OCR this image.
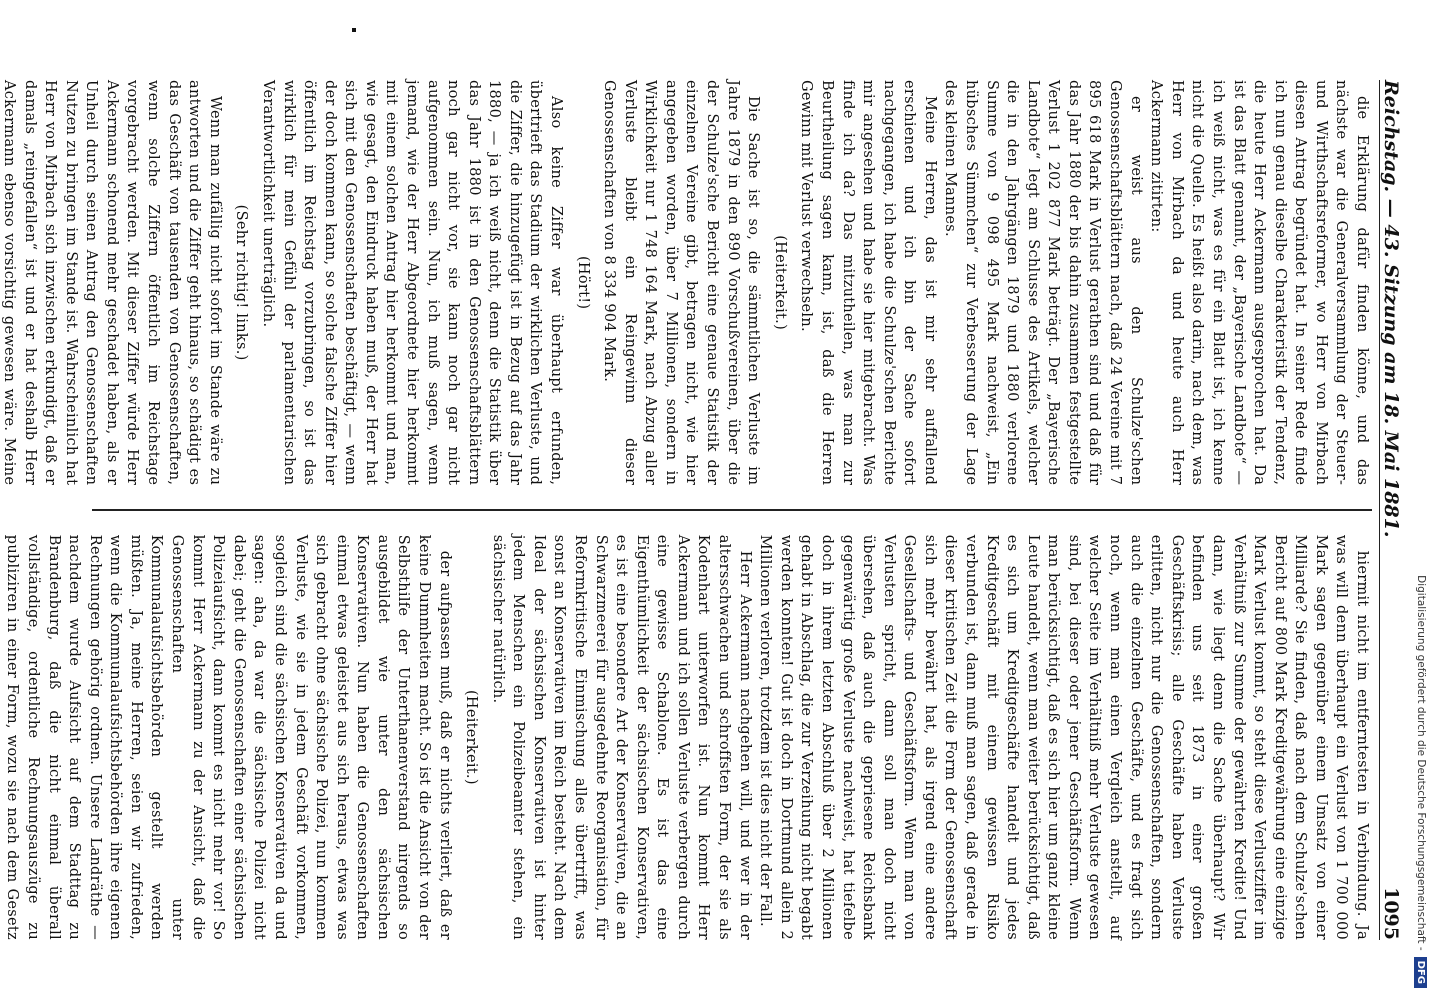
Reichstag. — 43. Sitzung am 18. Mai 1881.
1095

die Erklärung dafür finden könne, und das nächste war die Generalversammlung der Steuer- und Wirthschaftsreformer, wo Herr von Mirbach diesen Antrag begründet hat. In seiner Rede finde ich nun genau dieselbe Charakteristik der Tendenz, die heute Herr Ackermann ausgesprochen hat. Da ist das Blatt genannt, der „Bayerische Landbote“ — ich weiß nicht, was es für ein Blatt ist, ich kenne nicht die Quelle. Es heißt also darin, nach dem, was Herr von Mirbach da und heute auch Herr Ackermann zitirten:

er weist aus den Schulze'schen Genossenschaftsblättern nach, daß 24 Vereine mit 7 895 618 Mark in Verlust gerathen sind und daß für das Jahr 1880 der bis dahin zusammen festgestellte Verlust 1 202 877 Mark beträgt. Der „Bayerische Landbote“ legt am Schlusse des Artikels, welcher die in den Jahrgängen 1879 und 1880 verlorene Summe von 9 098 495 Mark nachweist, „Ein hübsches Sümmchen“ zur Verbesserung der Lage des kleinen Mannes.

Meine Herren, das ist mir sehr auffallend erschienen und ich bin der Sache sofort nachgegangen, ich habe die Schulze'schen Berichte mir angesehen und habe sie hier mitgebracht. Was finde ich da? Das mitzutheilen, was man zur Beurtheilung sagen kann, ist, daß die Herren Gewinn mit Verlust verwechseln.

(Heiterkeit.)

Die Sache ist so, die sämmtlichen Verluste im Jahre 1879 in den 890 Vorschußvereinen, über die der Schulze'sche Bericht eine genaue Statistik der einzelnen Vereine gibt, betragen nicht, wie hier angegeben worden, über 7 Millionen, sondern in Wirklichkeit nur 1 748 164 Mark, nach Abzug aller Verluste bleibt ein Reingewinn dieser Genossenschaften von 8 334 904 Mark.

(Hört!)

Also keine Ziffer war überhaupt erfunden, übertrieft das Stadium der wirklichen Verluste, und die Ziffer, die hinzugefügt ist in Bezug auf das Jahr 1880, — ja ich weiß nicht, denn die Statistik über das Jahr 1880 ist in den Genossenschaftsblättern noch gar nicht vor, sie kann noch gar nicht aufgenommen sein. Nun, ich muß sagen, wenn jemand, wie der Herr Abgeordnete hier herkommt mit einem solchen Antrag hier herkommt und man, wie gesagt, den Eindruck haben muß, der Herr hat sich mit den Genossenschaften beschäftigt, — wenn der doch kommen kann, so solche falsche Ziffer hier öffentlich im Reichstag vorzubringen, so ist das wirklich für mein Gefühl der parlamentarischen Verantwortlichkeit unerträglich.

(Sehr richtig! links.)

Wenn man zufällig nicht sofort im Stande wäre zu antworten und die Ziffer geht hinaus, so schädigt es das Geschäft von tausenden von Genossenschaften, wenn solche Ziffern öffentlich im Reichstage vorgebracht werden. Mit dieser Ziffer würde Herr Ackermann schonend mehr geschadet haben, als er Unheil durch seinen Antrag den Genossenschaften Nutzen zu bringen im Stande ist. Wahrscheinlich hat Herr von Mirbach sich inzwischen erkundigt, daß er damals „reingefallen“ ist und er hat deshalb Herr Ackermann ebenso vorsichtig gewesen wäre. Meine

hiermit nicht im entferntesten in Verbindung. Ja was will denn überhaupt ein Verlust von 1 700 000 Mark sagen gegenüber einem Umsatz von einer Milliarde? Sie finden, daß nach dem Schulze'schen Bericht auf 800 Mark Kreditgewährung eine einzige Mark Verlust kommt, so steht diese Verlustziffer im Verhältniß zur Summe der gewährten Kredite! Und dann, wie liegt denn die Sache überhaupt? Wir befinden uns seit 1873 in einer großen Geschäftskrisis; alle Geschäfte haben Verluste erlitten, nicht nur die Genossenschaften, sondern auch die einzelnen Geschäfte, und es fragt sich noch, wenn man einen Vergleich anstellt, auf welcher Seite im Verhältniß mehr Verluste gewesen sind, bei dieser oder jener Geschäftsform. Wenn man berücksichtigt, daß es sich hier um ganz kleine Leute handelt, wenn man weiter berücksichtigt, daß es sich um Kreditgeschäfte handelt und jedes Kreditgeschäft mit einem gewissen Risiko verbunden ist, dann muß man sagen, daß gerade in dieser kritischen Zeit die Form der Genossenschaft sich mehr bewährt hat, als irgend eine andere Gesellschafts- und Geschäftsform. Wenn man von Verlusten spricht, dann soll man doch nicht übersehen, daß auch die gepriesene Reichsbank gegenwärtig große Verluste nachweist, hat tiefelbe doch in ihrem letzten Abschluß über 2 Millionen gehabt in Abschlag, die zur Verzeihung nicht begabt werden konnten! Gut ist doch in Dortmund allein 2 Millionen verloren, trotzdem ist dies nicht der Fall.

Herr Ackermann nachgehen will, und wer in der altersschwachen und schroffsten Form, der sie als Kodenhart unterworfen ist. Nun kommt Herr Ackermann und ich sollen Verluste verbergen durch eine gewisse Schablone. Es ist das eine Eigenthümlichkeit der sächsischen Konservativen, es ist eine besondere Art der Konservativen, die an Schwarzmeerei für ausgedehnte Reorganisation, für Reformkritische Einmischung alles übertrifft, was sonst an Konservativen im Reich besteht. Nach dem Ideal der sächsischen Konservativen ist hinter jedem Menschen ein Polizeibeamter stehen, ein sächsischer natürlich.

(Heiterkeit.)

der aufpassen muß, daß er nichts verliert, daß er keine Dummheiten macht. So ist die Ansicht von der Selbsthilfe der Unterthanenverstand nirgends so ausgebildet wie unter den sächsischen Konservativen. Nun haben die Genossenschaften einmal etwas geleistet aus sich heraus, etwas was sich gebracht ohne sächsische Polizei, nun kommen Verluste, wie sie in jedem Geschäft vorkommen, sogleich sind die sächsischen Konservativen da und sagen: aha, da war die sächsische Polizei nicht dabei; geht die Genossenschaften einer sächsischen Polizeiaufsicht, dann kommt es nicht mehr vor! So kommt Herr Ackermann zu der Ansicht, daß die Genossenschaften unter Kommunalaufsichtsbehörden gestellt werden müßten. Ja, meine Herren, seien wir zufrieden, wenn die Kommunalaufsichtsbehörden ihre eigenen Rechnungen gehörig ordnen. Unsere Landräthe — nachdem wurde Aufsicht auf dem Stadttag zu Brandenburg, daß die nicht einmal überall vollständige, ordentliche Rechnungsauszüge zu publiziren in einer Form, wozu sie nach dem Gesetz	Digitalisierung gefördert durch die Deutsche Forschungsgemeinschaft -
DFG
